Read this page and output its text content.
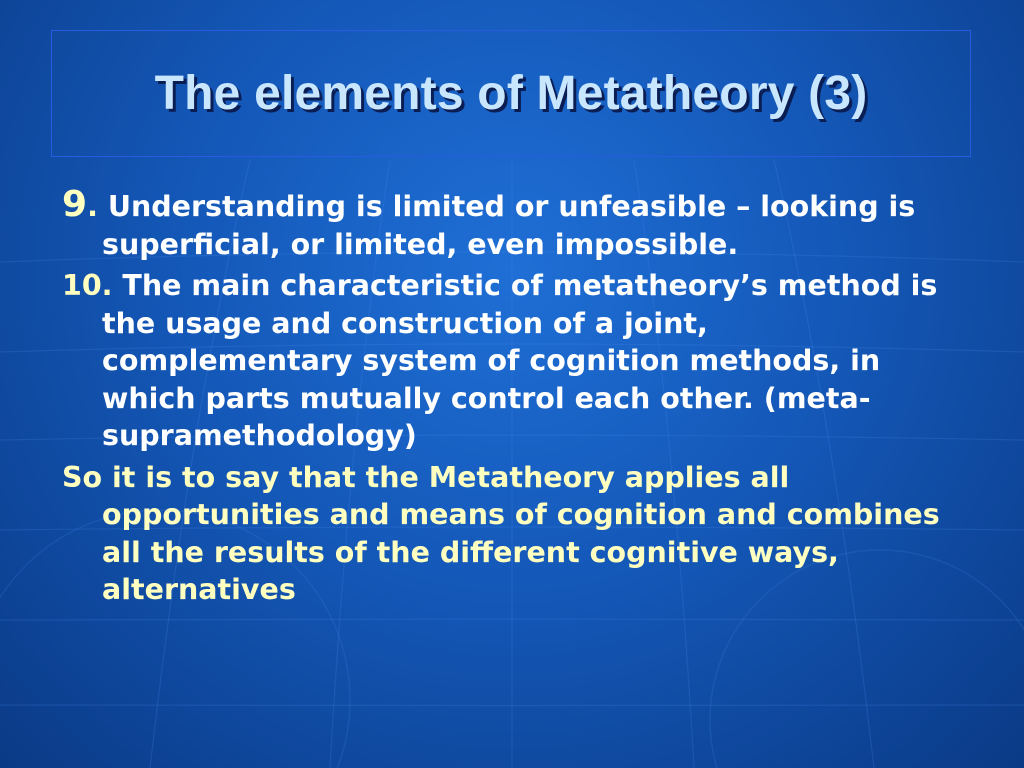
The elements of Metatheory (3)

9. Understanding is limited or unfeasible – looking is superficial, or limited, even impossible.

10. The main characteristic of metatheory’s method is the usage and construction of a joint, complementary system of cognition methods, in which parts mutually control each other. (meta-supramethodology)

So it is to say that the Metatheory applies all opportunities and means of cognition and combines all the results of the different cognitive ways, alternatives
